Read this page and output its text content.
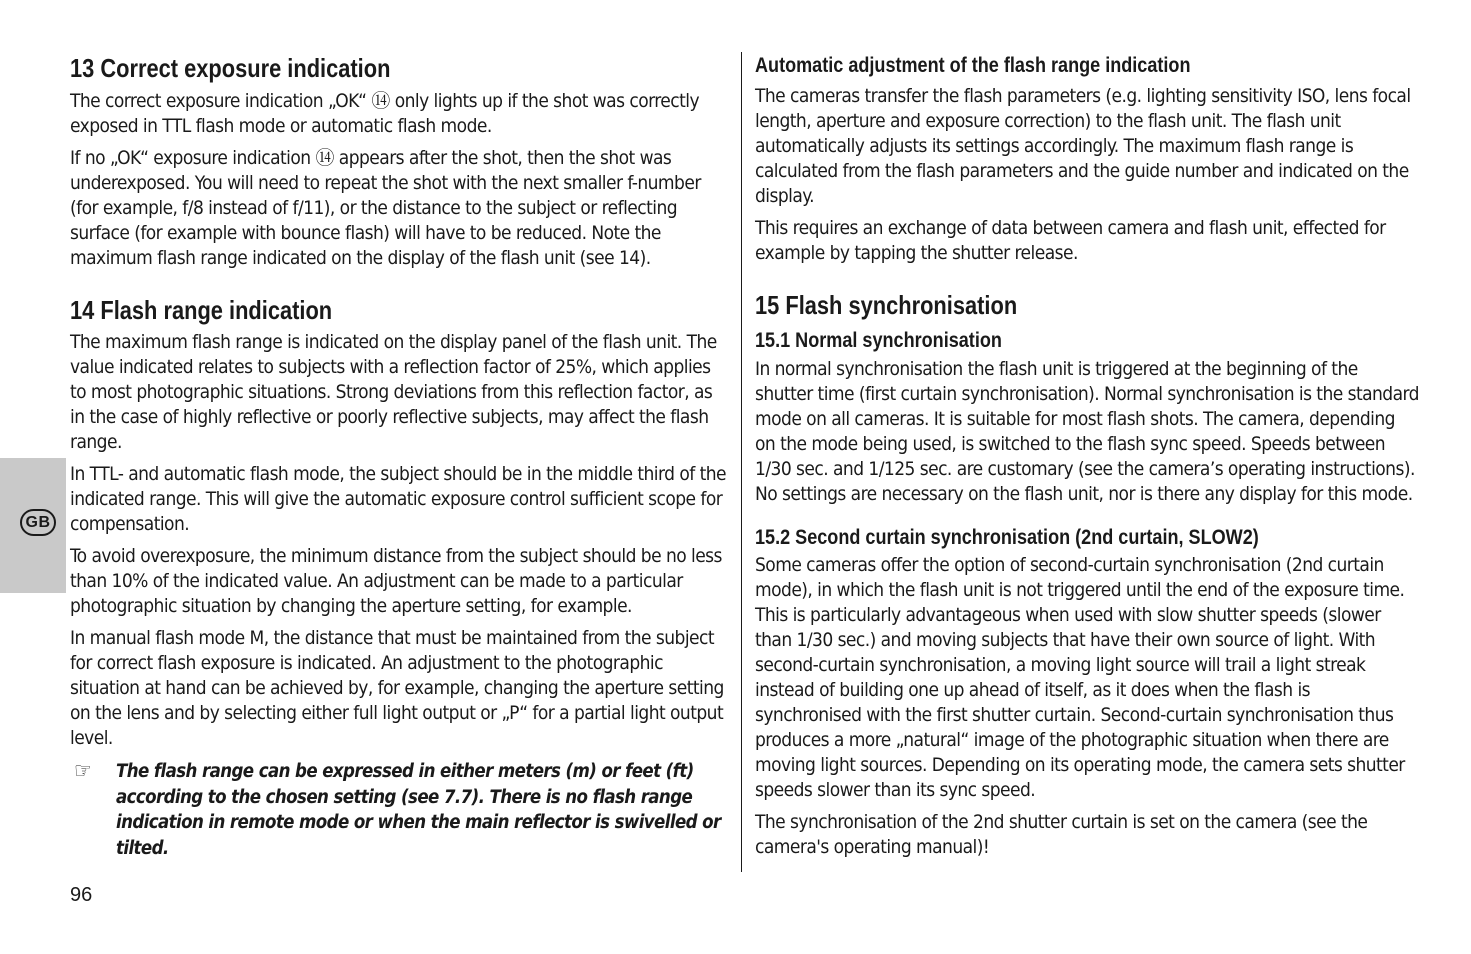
GB
13 Correct exposure indication

The correct exposure indication „OK“ ⑭ only lights up if the shot was correctly exposed in TTL flash mode or automatic flash mode.

If no „OK“ exposure indication ⑭ appears after the shot, then the shot was underexposed. You will need to repeat the shot with the next smaller f-number (for example, f/8 instead of f/11), or the distance to the subject or reflecting surface (for example with bounce flash) will have to be reduced. Note the maximum flash range indicated on the display of the flash unit (see 14).

14 Flash range indication

The maximum flash range is indicated on the display panel of the flash unit. The value indicated relates to subjects with a reflection factor of 25%, which applies to most photographic situations. Strong deviations from this reflection factor, as in the case of highly reflective or poorly reflective subjects, may affect the flash range.

In TTL- and automatic flash mode, the subject should be in the middle third of the indicated range. This will give the automatic exposure control sufficient scope for compensation.

To avoid overexposure, the minimum distance from the subject should be no less than 10% of the indicated value. An adjustment can be made to a particular photographic situation by changing the aperture setting, for example.

In manual flash mode M, the distance that must be maintained from the subject for correct flash exposure is indicated. An adjustment to the photographic situation at hand can be achieved by, for example, changing the aperture setting on the lens and by selecting either full light output or „P“ for a partial light output level.

☞	The flash range can be expressed in either meters (m) or feet (ft) according to the chosen setting (see 7.7). There is no flash range indication in remote mode or when the main reflector is swivelled or tilted.
96
Automatic adjustment of the flash range indication

The cameras transfer the flash parameters (e.g. lighting sensitivity ISO, lens focal length, aperture and exposure correction) to the flash unit. The flash unit automatically adjusts its settings accordingly. The maximum flash range is calculated from the flash parameters and the guide number and indicated on the display.

This requires an exchange of data between camera and flash unit, effected for example by tapping the shutter release.

15 Flash synchronisation
15.1 Normal synchronisation

In normal synchronisation the flash unit is triggered at the beginning of the shutter time (first curtain synchronisation). Normal synchronisation is the standard mode on all cameras. It is suitable for most flash shots. The camera, depending on the mode being used, is switched to the flash sync speed. Speeds between 1/30 sec. and 1/125 sec. are customary (see the camera’s operating instructions). No settings are necessary on the flash unit, nor is there any display for this mode.

15.2 Second curtain synchronisation (2nd curtain, SLOW2)

Some cameras offer the option of second-curtain synchronisation (2nd curtain mode), in which the flash unit is not triggered until the end of the exposure time. This is particularly advantageous when used with slow shutter speeds (slower than 1/30 sec.) and moving subjects that have their own source of light. With second-curtain synchronisation, a moving light source will trail a light streak instead of building one up ahead of itself, as it does when the flash is synchronised with the first shutter curtain. Second-curtain synchronisation thus produces a more „natural“ image of the photographic situation when there are moving light sources. Depending on its operating mode, the camera sets shutter speeds slower than its sync speed.

The synchronisation of the 2nd shutter curtain is set on the camera (see the camera's operating manual)!
